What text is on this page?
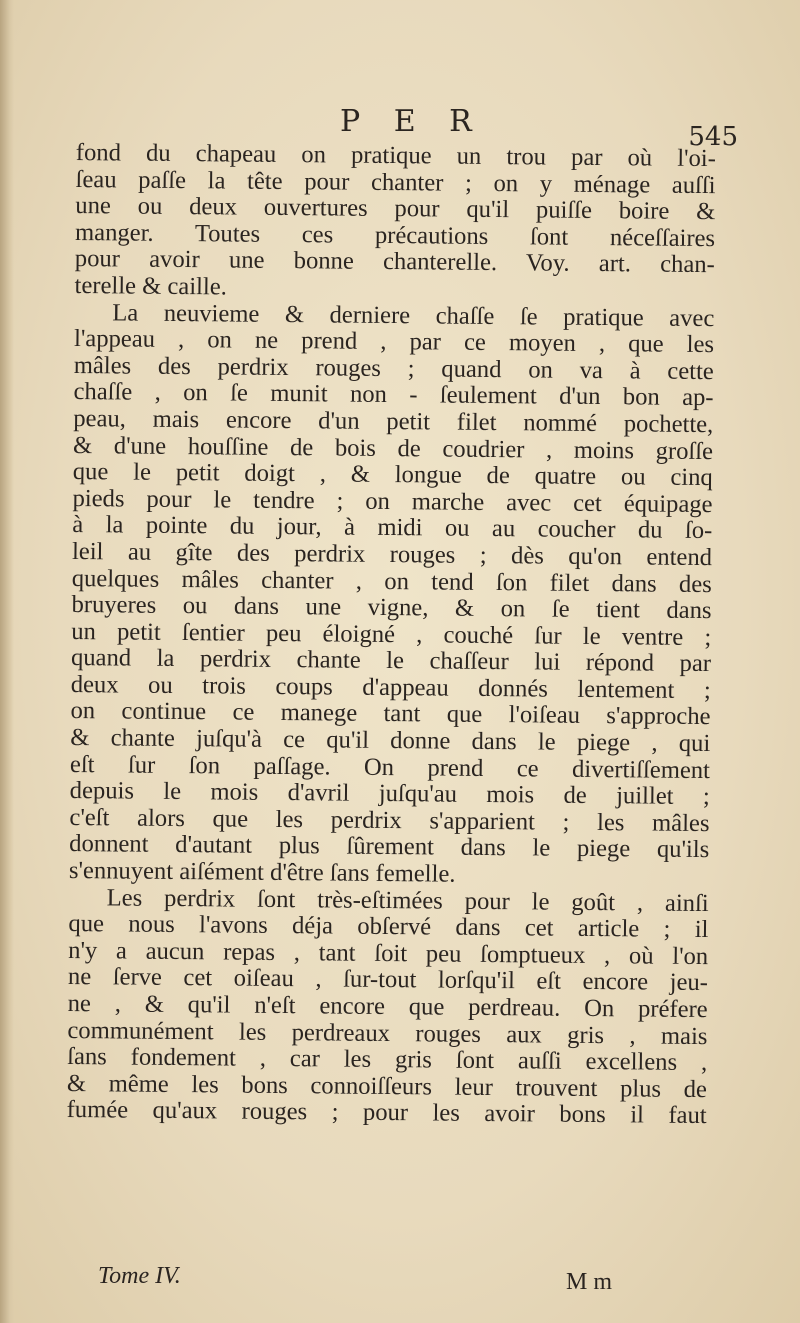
P E R	545
fond du chapeau on pratique un trou par où l'oi-
ſeau paſſe la tête pour chanter ; on y ménage auſſi
une ou deux ouvertures pour qu'il puiſſe boire &
manger. Toutes ces précautions ſont néceſſaires
pour avoir une bonne chanterelle. Voy. art. chan-
terelle & caille.
La neuvieme & derniere chaſſe ſe pratique avec
l'appeau , on ne prend , par ce moyen , que les
mâles des perdrix rouges ; quand on va à cette
chaſſe , on ſe munit non - ſeulement d'un bon ap-
peau, mais encore d'un petit filet nommé pochette,
& d'une houſſine de bois de coudrier , moins groſſe
que le petit doigt , & longue de quatre ou cinq
pieds pour le tendre ; on marche avec cet équipage
à la pointe du jour, à midi ou au coucher du ſo-
leil au gîte des perdrix rouges ; dès qu'on entend
quelques mâles chanter , on tend ſon filet dans des
bruyeres ou dans une vigne, & on ſe tient dans
un petit ſentier peu éloigné , couché ſur le ventre ;
quand la perdrix chante le chaſſeur lui répond par
deux ou trois coups d'appeau donnés lentement ;
on continue ce manege tant que l'oiſeau s'approche
& chante juſqu'à ce qu'il donne dans le piege , qui
eſt ſur ſon paſſage. On prend ce divertiſſement
depuis le mois d'avril juſqu'au mois de juillet ;
c'eſt alors que les perdrix s'apparient ; les mâles
donnent d'autant plus ſûrement dans le piege qu'ils
s'ennuyent aiſément d'être ſans femelle.
Les perdrix ſont très-eſtimées pour le goût , ainſi
que nous l'avons déja obſervé dans cet article ; il
n'y a aucun repas , tant ſoit peu ſomptueux , où l'on
ne ſerve cet oiſeau , ſur-tout lorſqu'il eſt encore jeu-
ne , & qu'il n'eſt encore que perdreau. On préfere
communément les perdreaux rouges aux gris , mais
ſans fondement , car les gris ſont auſſi excellens ,
& même les bons connoiſſeurs leur trouvent plus de
fumée qu'aux rouges ; pour les avoir bons il faut
Tome IV.	M m
